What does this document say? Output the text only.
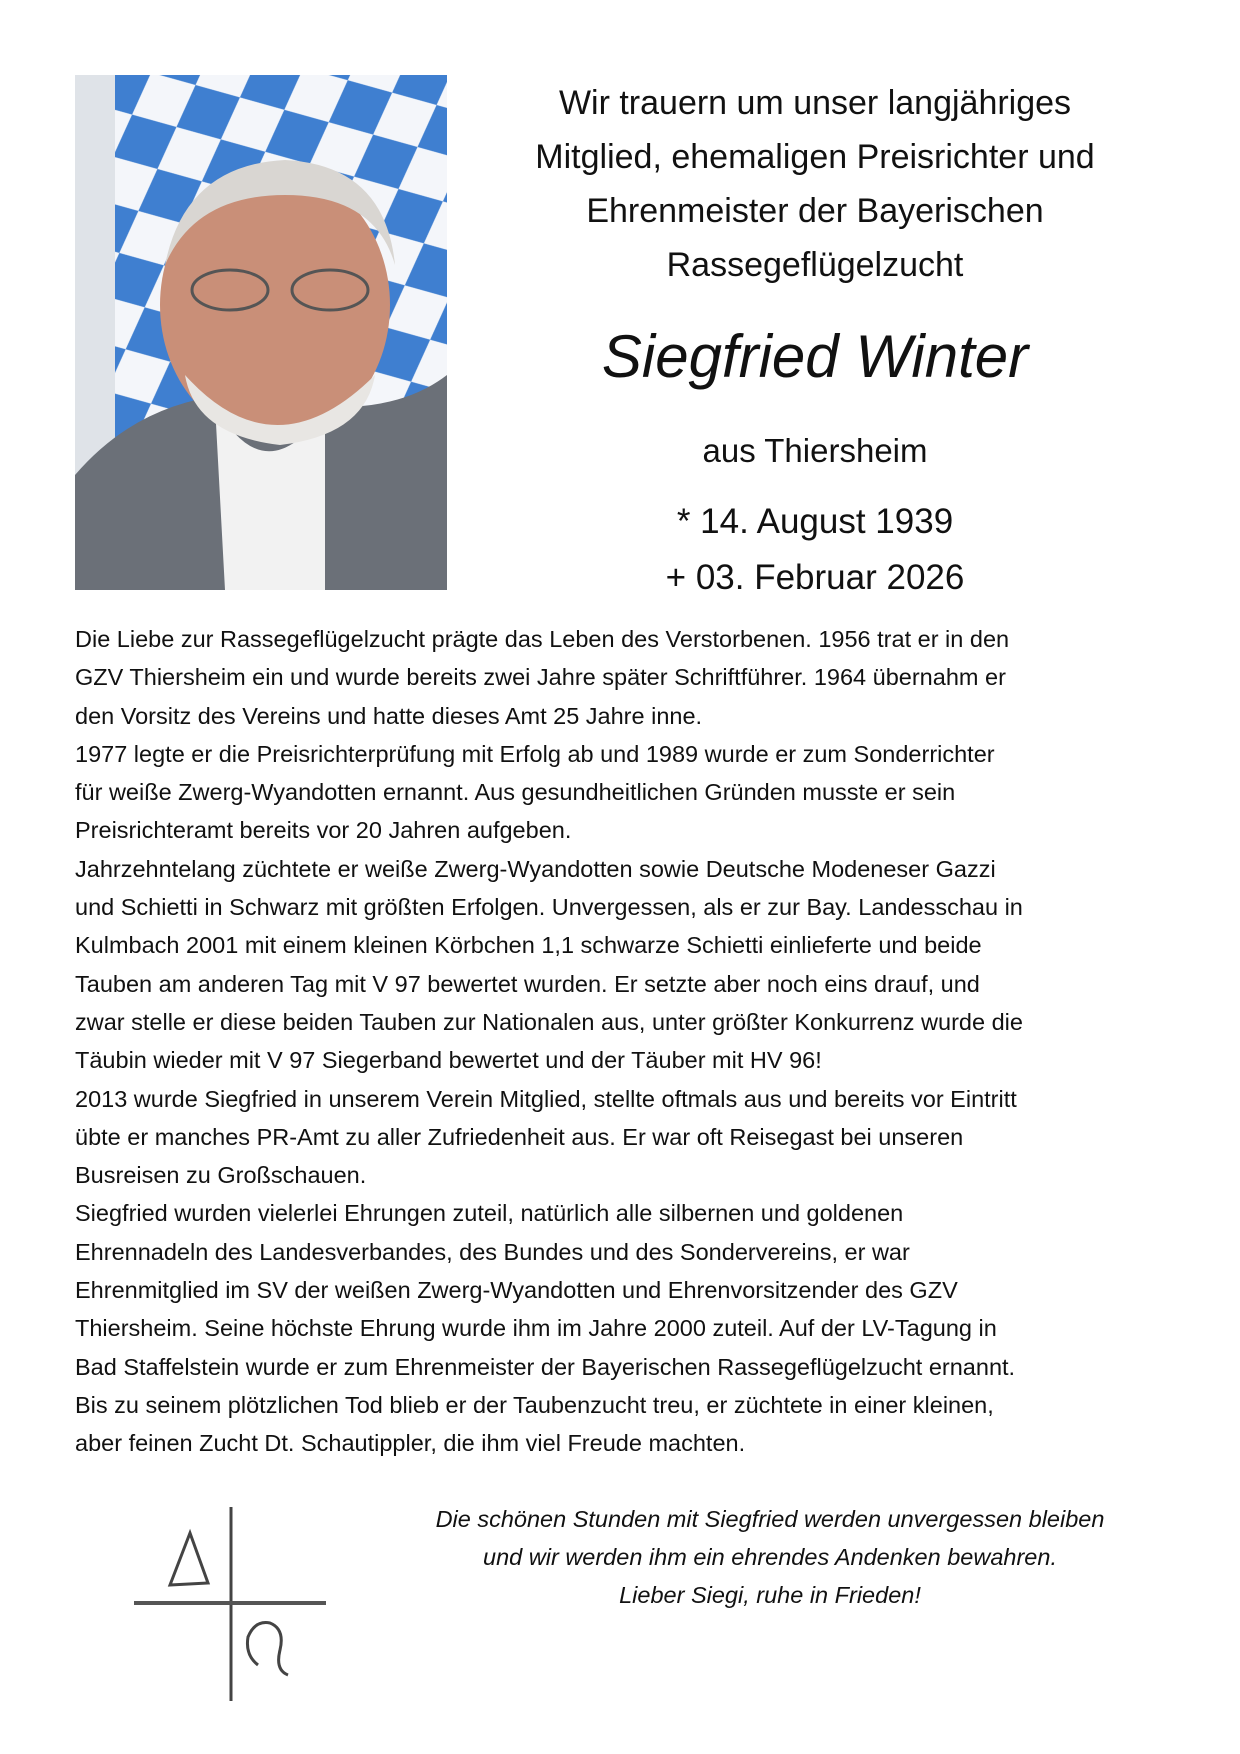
Wir trauern um unser langjähriges
Mitglied, ehemaligen Preisrichter und
Ehrenmeister der Bayerischen
Rassegeflügelzucht
Siegfried Winter
aus Thiersheim
* 14. August 1939
+ 03. Februar 2026
Die Liebe zur Rassegeflügelzucht prägte das Leben des Verstorbenen. 1956 trat er in den
GZV Thiersheim ein und wurde bereits zwei Jahre später Schriftführer. 1964 übernahm er
den Vorsitz des Vereins und hatte dieses Amt 25 Jahre inne.
1977 legte er die Preisrichterprüfung mit Erfolg ab und 1989 wurde er zum Sonderrichter
für weiße Zwerg-Wyandotten ernannt. Aus gesundheitlichen Gründen musste er sein
Preisrichteramt bereits vor 20 Jahren aufgeben.
Jahrzehntelang züchtete er weiße Zwerg-Wyandotten sowie Deutsche Modeneser Gazzi
und Schietti in Schwarz mit größten Erfolgen. Unvergessen, als er zur Bay. Landesschau in
Kulmbach 2001 mit einem kleinen Körbchen 1,1 schwarze Schietti einlieferte und beide
Tauben am anderen Tag mit V 97 bewertet wurden. Er setzte aber noch eins drauf, und
zwar stelle er diese beiden Tauben zur Nationalen aus, unter größter Konkurrenz wurde die
Täubin wieder mit V 97 Siegerband bewertet und der Täuber mit HV 96!
2013 wurde Siegfried in unserem Verein Mitglied, stellte oftmals aus und bereits vor Eintritt
übte er manches PR-Amt zu aller Zufriedenheit aus. Er war oft Reisegast bei unseren
Busreisen zu Großschauen.
Siegfried wurden vielerlei Ehrungen zuteil, natürlich alle silbernen und goldenen
Ehrennadeln des Landesverbandes, des Bundes und des Sondervereins, er war
Ehrenmitglied im SV der weißen Zwerg-Wyandotten und Ehrenvorsitzender des GZV
Thiersheim. Seine höchste Ehrung wurde ihm im Jahre 2000 zuteil. Auf der LV-Tagung in
Bad Staffelstein wurde er zum Ehrenmeister der Bayerischen Rassegeflügelzucht ernannt.
Bis zu seinem plötzlichen Tod blieb er der Taubenzucht treu, er züchtete in einer kleinen,
aber feinen Zucht Dt. Schautippler, die ihm viel Freude machten.
Die schönen Stunden mit Siegfried werden unvergessen bleiben
und wir werden ihm ein ehrendes Andenken bewahren.
Lieber Siegi, ruhe in Frieden!
